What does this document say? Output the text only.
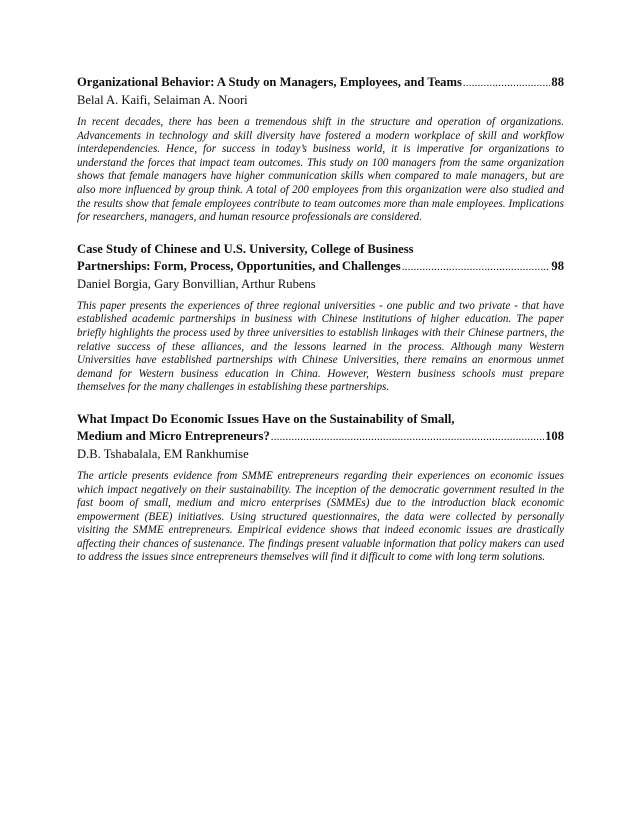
Organizational Behavior: A Study on Managers, Employees, and Teams .....	88
Belal A. Kaifi, Selaiman A. Noori

In recent decades, there has been a tremendous shift in the structure and operation of organizations. Advancements in technology and skill diversity have fostered a modern workplace of skill and workflow interdependencies. Hence, for success in today’s business world, it is imperative for organizations to understand the forces that impact team outcomes. This study on 100 managers from the same organization shows that female managers have higher communication skills when compared to male managers, but are also more influenced by group think. A total of 200 employees from this organization were also studied and the results show that female employees contribute to team outcomes more than male employees. Implications for researchers, managers, and human resource professionals are considered.

Case Study of Chinese and U.S. University, College of Business
Partnerships: Form, Process, Opportunities, and Challenges .....	98
Daniel Borgia, Gary Bonvillian, Arthur Rubens

This paper presents the experiences of three regional universities - one public and two private - that have established academic partnerships in business with Chinese institutions of higher education. The paper briefly highlights the process used by three universities to establish linkages with their Chinese partners, the relative success of these alliances, and the lessons learned in the process. Although many Western Universities have established partnerships with Chinese Universities, there remains an enormous unmet demand for Western business education in China. However, Western business schools must prepare themselves for the many challenges in establishing these partnerships.

What Impact Do Economic Issues Have on the Sustainability of Small,
Medium and Micro Entrepreneurs? .....	108
D.B. Tshabalala, EM Rankhumise

The article presents evidence from SMME entrepreneurs regarding their experiences on economic issues which impact negatively on their sustainability. The inception of the democratic government resulted in the fast boom of small, medium and micro enterprises (SMMEs) due to the introduction black economic empowerment (BEE) initiatives. Using structured questionnaires, the data were collected by personally visiting the SMME entrepreneurs. Empirical evidence shows that indeed economic issues are drastically affecting their chances of sustenance. The findings present valuable information that policy makers can used to address the issues since entrepreneurs themselves will find it difficult to come with long term solutions.
